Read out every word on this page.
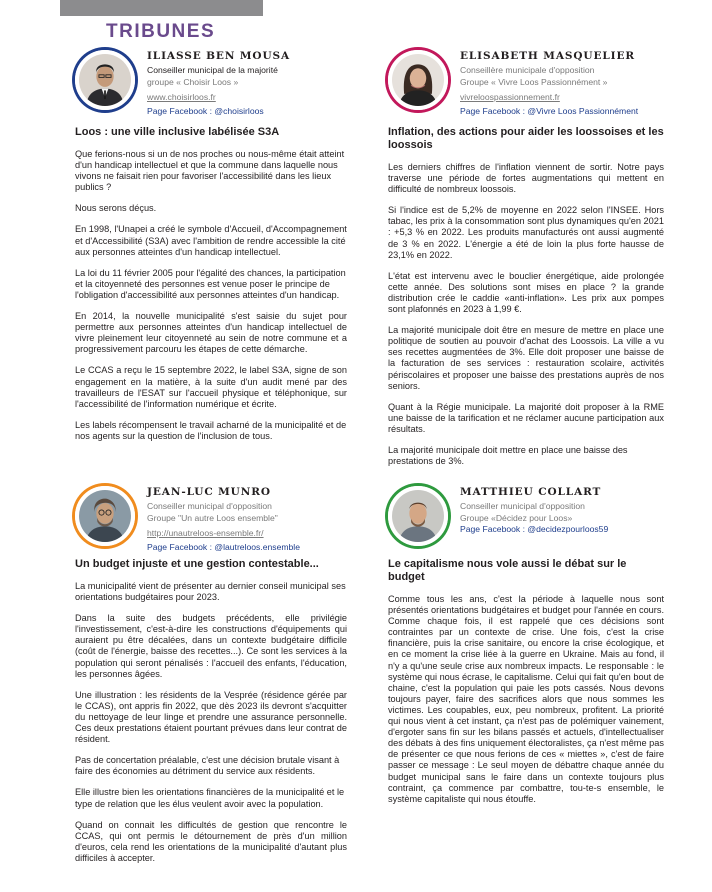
TRIBUNES
ILIASSE BEN MOUSA
Conseiller municipal de la majorité
groupe « Choisir Loos »
www.choisirloos.fr
Page Facebook : @choisirloos
Loos : une ville inclusive labélisée S3A

Que ferions-nous si un de nos proches ou nous-même était atteint d'un handicap intellectuel et que la commune dans laquelle nous vivons ne faisait rien pour favoriser l'accessibilité dans les lieux publics ?

Nous serons déçus.

En 1998, l'Unapei a créé le symbole d'Accueil, d'Accompagnement et d'Accessibilité (S3A) avec l'ambition de rendre accessible la cité aux personnes atteintes d'un handicap intellectuel.

La loi du 11 février 2005 pour l'égalité des chances, la participation et la citoyenneté des personnes est venue poser le principe de l'obligation d'accessibilité aux personnes atteintes d'un handicap.

En 2014, la nouvelle municipalité s'est saisie du sujet pour permettre aux personnes atteintes d'un handicap intellectuel de vivre pleinement leur citoyenneté au sein de notre commune et a progressivement parcouru les étapes de cette démarche.

Le CCAS a reçu le 15 septembre 2022, le label S3A, signe de son engagement en la matière, à la suite d'un audit mené par des travailleurs de l'ESAT sur l'accueil physique et téléphonique, sur l'accessibilité de l'information numérique et écrite.

Les labels récompensent le travail acharné de la municipalité et de nos agents sur la question de l'inclusion de tous.

ELISABETH MASQUELIER
Conseillère municipale d'opposition
Groupe « Vivre Loos Passionnément »
vivreloospassionnement.fr
Page Facebook : @Vivre Loos Passionnément
Inflation, des actions pour aider les loossoises et les loossois

Les derniers chiffres de l'inflation viennent de sortir. Notre pays traverse une période de fortes augmentations qui mettent en difficulté de nombreux loossois.

Si l'indice est de 5,2% de moyenne en 2022 selon l'INSEE. Hors tabac, les prix à la consommation sont plus dynamiques qu'en 2021 : +5,3 % en 2022. Les produits manufacturés ont aussi augmenté de 3 % en 2022. L'énergie a été de loin la plus forte hausse de 23,1% en 2022.

L'état est intervenu avec le bouclier énergétique, aide prolongée cette année. Des solutions sont mises en place ? la grande distribution crée le caddie «anti-inflation». Les prix aux pompes sont plafonnés en 2023 à 1,99 €.

La majorité municipale doit être en mesure de mettre en place une politique de soutien au pouvoir d'achat des Loossois. La ville a vu ses recettes augmentées de 3%. Elle doit proposer une baisse de la facturation de ses services : restauration scolaire, activités périscolaires et proposer une baisse des prestations auprès de nos seniors.

Quant à la Régie municipale. La majorité doit proposer à la RME une baisse de la tarification et ne réclamer aucune participation aux résultats.

La majorité municipale doit mettre en place une baisse des prestations de 3%.

JEAN-LUC MUNRO
Conseiller municipal d'opposition
Groupe "Un autre Loos ensemble"
http://unautreloos-ensemble.fr/
Page Facebook : @lautreloos.ensemble
Un budget injuste et une gestion contestable...

La municipalité vient de présenter au dernier conseil municipal ses orientations budgétaires pour 2023.

Dans la suite des budgets précédents, elle privilégie l'investissement, c'est-à-dire les constructions d'équipements qui auraient pu être décalées, dans un contexte budgétaire difficile (coût de l'énergie, baisse des recettes...). Ce sont les services à la population qui seront pénalisés : l'accueil des enfants, l'éducation, les personnes âgées.

Une illustration : les résidents de la Vesprée (résidence gérée par le CCAS), ont appris fin 2022, que dès 2023 ils devront s'acquitter du nettoyage de leur linge et prendre une assurance personnelle. Ces deux prestations étaient pourtant prévues dans leur contrat de résident.

Pas de concertation préalable, c'est une décision brutale visant à faire des économies au détriment du service aux résidents.

Elle illustre bien les orientations financières de la municipalité et le type de relation que les élus veulent avoir avec la population.

Quand on connait les difficultés de gestion que rencontre le CCAS, qui ont permis le détournement de près d'un million d'euros, cela rend les orientations de la municipalité d'autant plus difficiles à accepter.

MATTHIEU COLLART
Conseiller municipal d'opposition
Groupe «Décidez pour Loos»
Page Facebook : @decidezpourloos59
Le capitalisme nous vole aussi le débat sur le budget

Comme tous les ans, c'est la période à laquelle nous sont présentés orientations budgétaires et budget pour l'année en cours. Comme chaque fois, il est rappelé que ces décisions sont contraintes par un contexte de crise. Une fois, c'est la crise financière, puis la crise sanitaire, ou encore la crise écologique, et en ce moment la crise liée à la guerre en Ukraine. Mais au fond, il n'y a qu'une seule crise aux nombreux impacts. Le responsable : le système qui nous écrase, le capitalisme. Celui qui fait qu'en bout de chaine, c'est la population qui paie les pots cassés. Nous devons toujours payer, faire des sacrifices alors que nous sommes les victimes. Les coupables, eux, peu nombreux, profitent. La priorité qui nous vient à cet instant, ça n'est pas de polémiquer vainement, d'ergoter sans fin sur les bilans passés et actuels, d'intellectualiser des débats à des fins uniquement électoralistes, ça n'est même pas de présenter ce que nous ferions de ces « miettes », c'est de faire passer ce message : Le seul moyen de débattre chaque année du budget municipal sans le faire dans un contexte toujours plus contraint, ça commence par combattre, tou-te-s ensemble, le système capitaliste qui nous étouffe.
